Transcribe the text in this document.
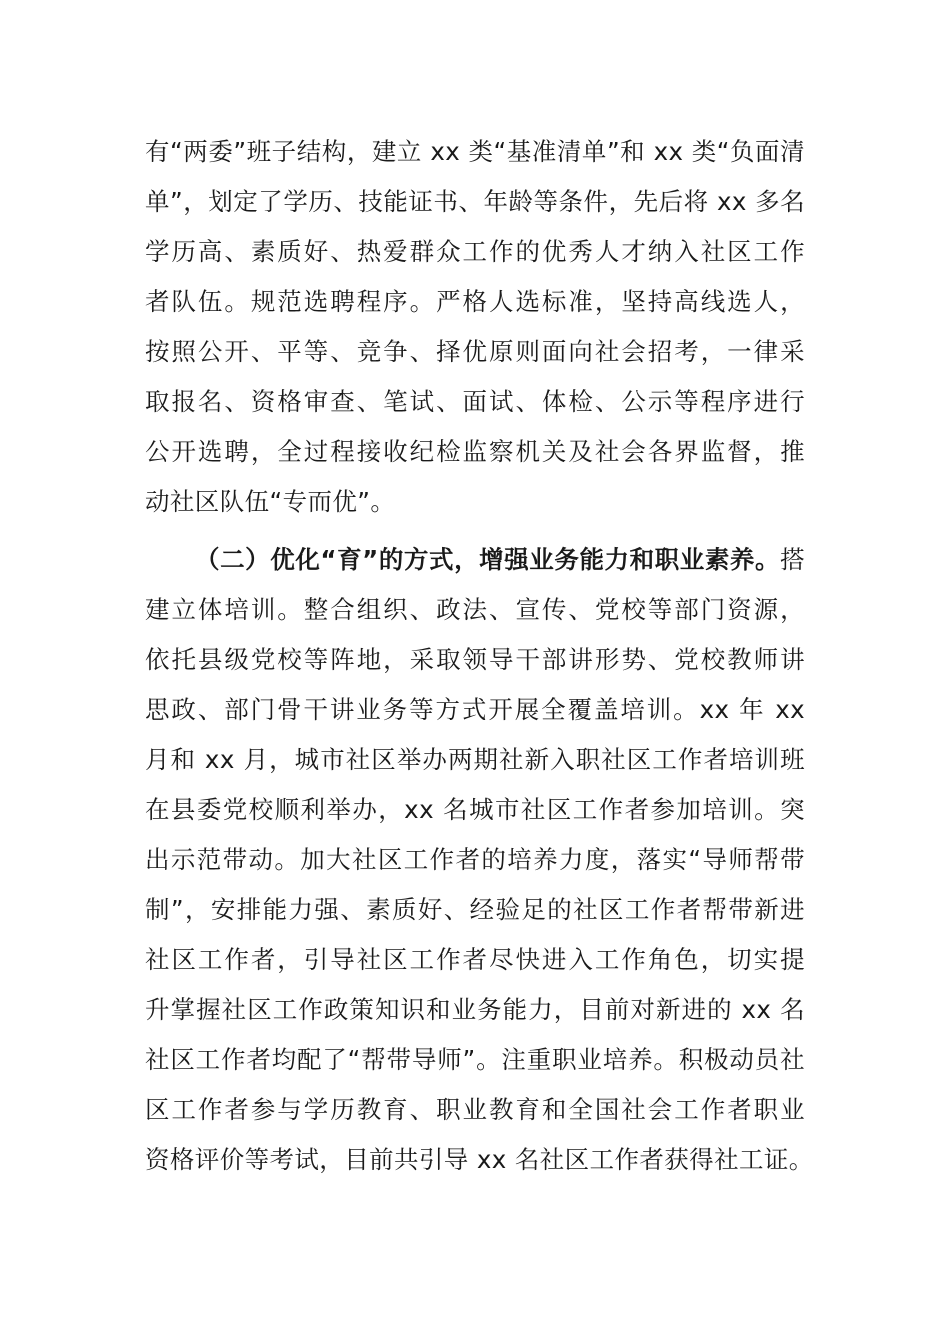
有“两委”班子结构，建立 xx 类“基准清单”和 xx 类“负面清
单”，划定了学历、技能证书、年龄等条件，先后将 xx 多名
学历高、素质好、热爱群众工作的优秀人才纳入社区工作
者队伍。规范选聘程序。严格人选标准，坚持高线选人，
按照公开、平等、竞争、择优原则面向社会招考，一律采
取报名、资格审查、笔试、面试、体检、公示等程序进行
公开选聘，全过程接收纪检监察机关及社会各界监督，推
动社区队伍“专而优”。
（二）优化“育”的方式，增强业务能力和职业素养。搭
建立体培训。整合组织、政法、宣传、党校等部门资源，
依托县级党校等阵地，采取领导干部讲形势、党校教师讲
思政、部门骨干讲业务等方式开展全覆盖培训。xx 年 xx
月和 xx 月，城市社区举办两期社新入职社区工作者培训班
在县委党校顺利举办，xx 名城市社区工作者参加培训。突
出示范带动。加大社区工作者的培养力度，落实“导师帮带
制”，安排能力强、素质好、经验足的社区工作者帮带新进
社区工作者，引导社区工作者尽快进入工作角色，切实提
升掌握社区工作政策知识和业务能力，目前对新进的 xx 名
社区工作者均配了“帮带导师”。注重职业培养。积极动员社
区工作者参与学历教育、职业教育和全国社会工作者职业
资格评价等考试，目前共引导 xx 名社区工作者获得社工证。
